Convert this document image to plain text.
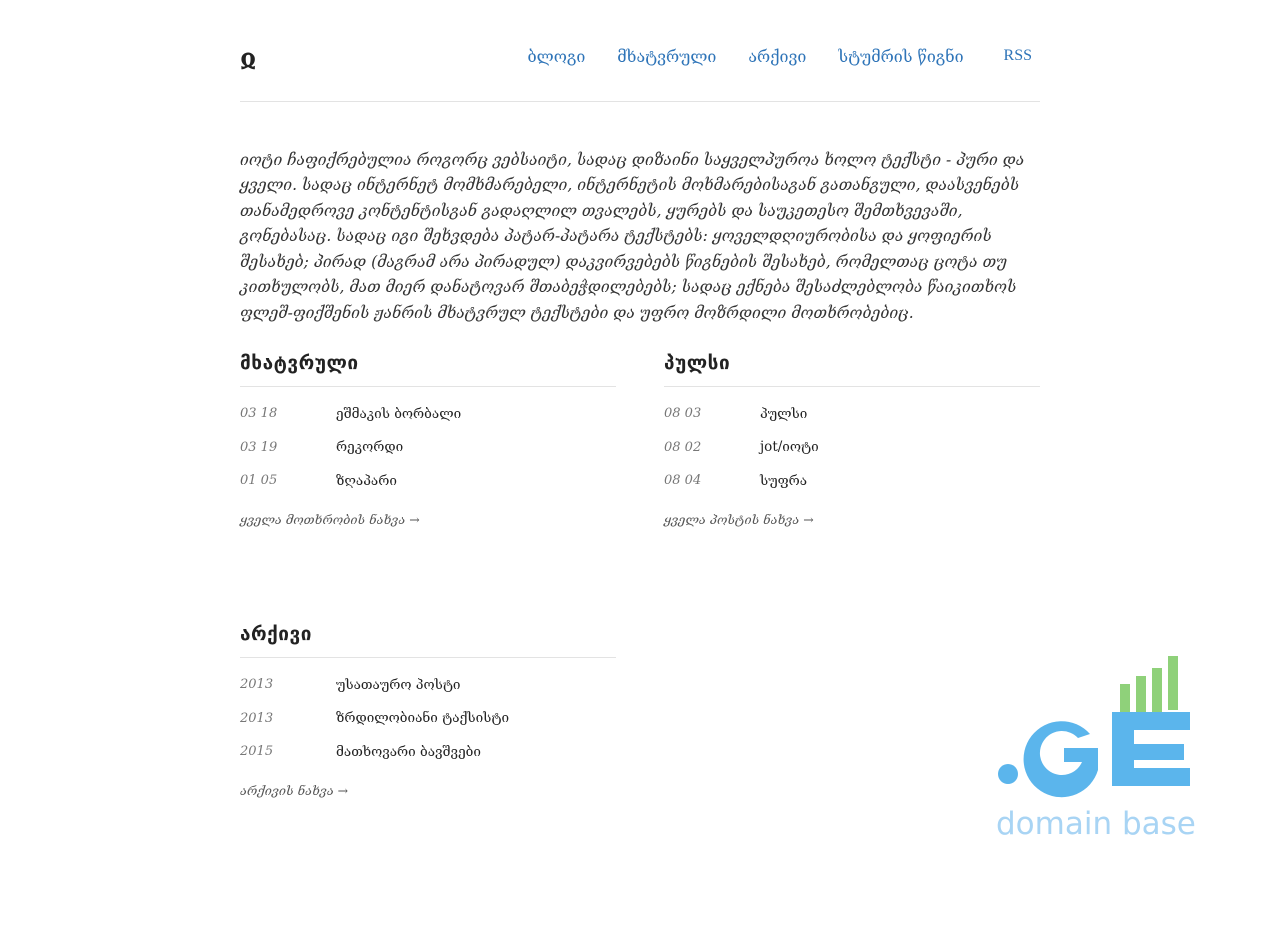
ჲ	ბლოგი მხატვრული არქივი სტუმრის წიგნი	RSS

იოტი ჩაფიქრებულია როგორც ვებსაიტი, სადაც დიზაინი საყველპუროა ხოლო ტექსტი - პური და ყველი. სადაც ინტერნეტ მომხმარებელი, ინტერნეტის მოხმარებისაგან გათანგული, დაასვენებს თანამედროვე კონტენტისგან გადაღლილ თვალებს, ყურებს და საუკეთესო შემთხვევაში, გონებასაც. სადაც იგი შეხვდება პატარ-პატარა ტექსტებს: ყოველდღიურობისა და ყოფიერის შესახებ; პირად (მაგრამ არა პირადულ) დაკვირვებებს წიგნების შესახებ, რომელთაც ცოტა თუ კითხულობს, მათ მიერ დანატოვარ შთაბეჭდილებებს; სადაც ექნება შესაძლებლობა წაიკითხოს ფლეშ-ფიქშენის ჟანრის მხატვრულ ტექსტები და უფრო მოზრდილი მოთხრობებიც.

მხატვრული
03 18	ეშმაკის ბორბალი
03 19	რეკორდი
01 05	ზღაპარი
ყველა მოთხრობის ნახვა →
პულსი
08 03	პულსი
08 02	jot/იოტი
08 04	სუფრა
ყველა პოსტის ნახვა →
არქივი
2013	უსათაურო პოსტი
2013	ზრდილობიანი ტაქსისტი
2015	მათხოვარი ბავშვები
არქივის ნახვა →
domain base
